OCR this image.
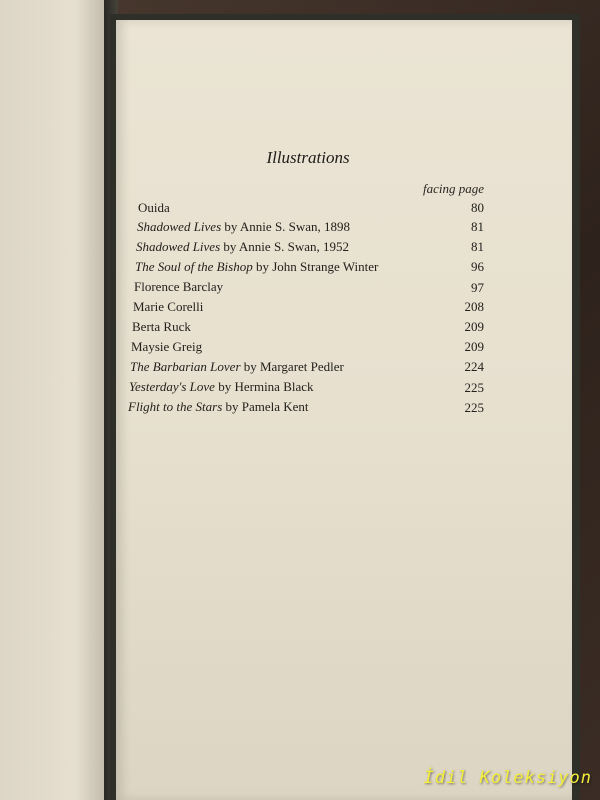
Illustrations
facing page
Ouida	80
Shadowed Lives by Annie S. Swan, 1898	81
Shadowed Lives by Annie S. Swan, 1952	81
The Soul of the Bishop by John Strange Winter	96
Florence Barclay	97
Marie Corelli	208
Berta Ruck	209
Maysie Greig	209
The Barbarian Lover by Margaret Pedler	224
Yesterday's Love by Hermina Black	225
Flight to the Stars by Pamela Kent	225
İdil Koleksiyon
